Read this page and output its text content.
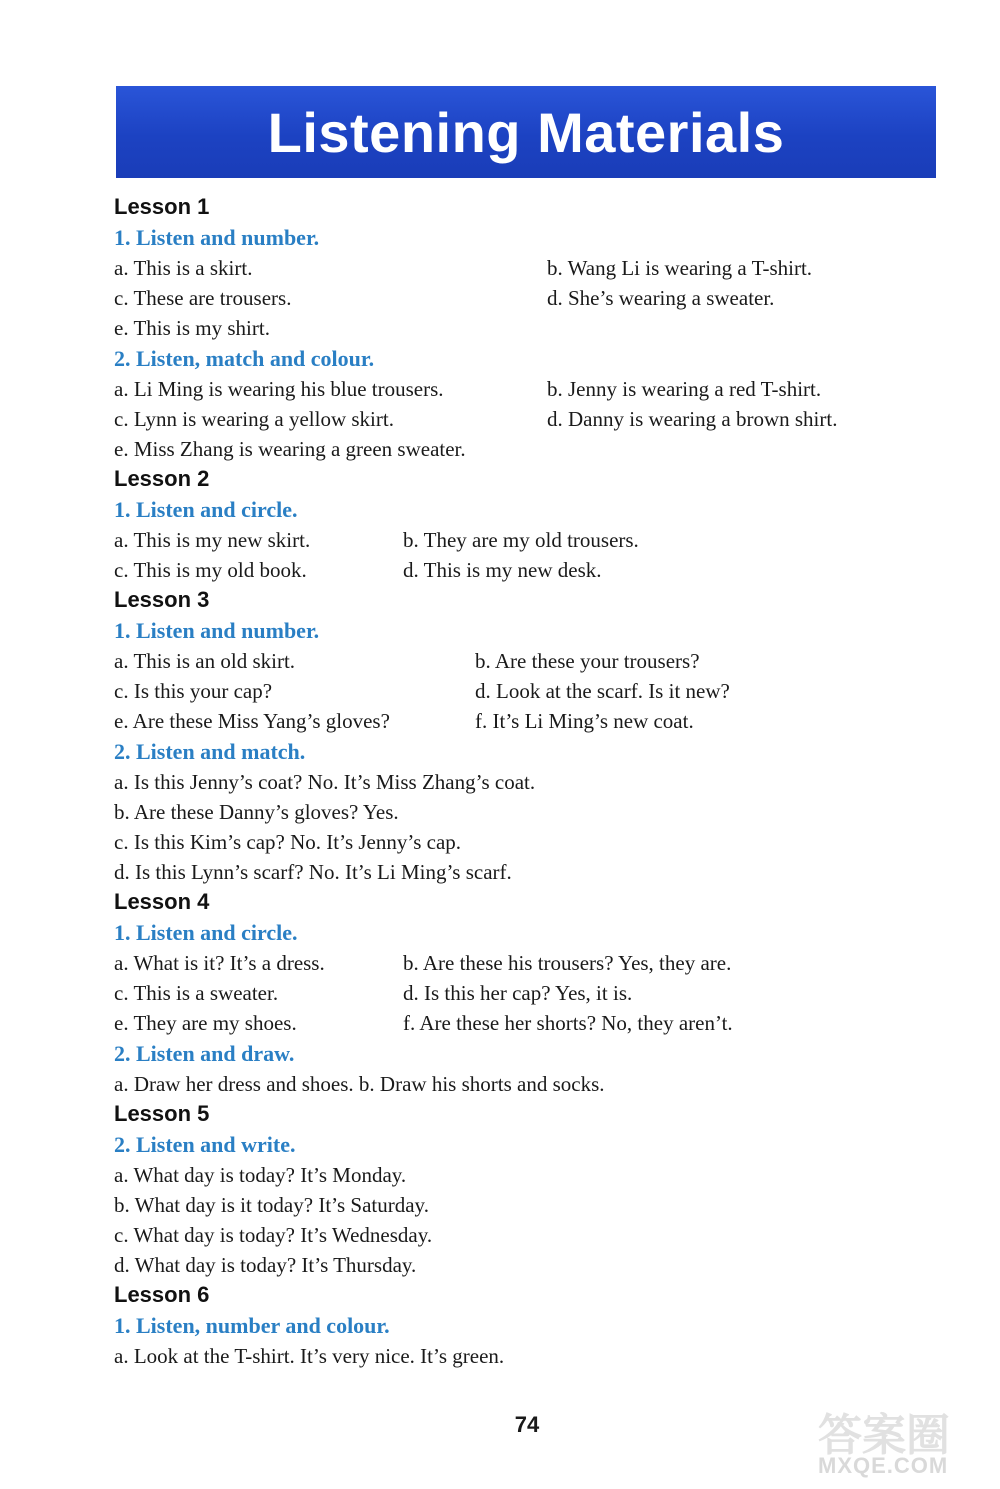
Listening Materials
Lesson 1
1. Listen and number.
a. This is a skirt.	b. Wang Li is wearing a T-shirt.
c. These are trousers.	d. She’s wearing a sweater.
e. This is my shirt.
2. Listen, match and colour.
a. Li Ming is wearing his blue trousers.	b. Jenny is wearing a red T-shirt.
c. Lynn is wearing a yellow skirt.	d. Danny is wearing a brown shirt.
e. Miss Zhang is wearing a green sweater.
Lesson 2
1. Listen and circle.
a. This is my new skirt.	b. They are my old trousers.
c. This is my old book.	d. This is my new desk.
Lesson 3
1. Listen and number.
a. This is an old skirt.	b. Are these your trousers?
c. Is this your cap?	d. Look at the scarf. Is it new?
e. Are these Miss Yang’s gloves?	f. It’s Li Ming’s new coat.
2. Listen and match.
a. Is this Jenny’s coat? No. It’s Miss Zhang’s coat.
b. Are these Danny’s gloves? Yes.
c. Is this Kim’s cap? No. It’s Jenny’s cap.
d. Is this Lynn’s scarf? No. It’s Li Ming’s scarf.
Lesson 4
1. Listen and circle.
a. What is it? It’s a dress.	b. Are these his trousers? Yes, they are.
c. This is a sweater.	d. Is this her cap? Yes, it is.
e. They are my shoes.	f. Are these her shorts? No, they aren’t.
2. Listen and draw.
a. Draw her dress and shoes. b. Draw his shorts and socks.
Lesson 5
2. Listen and write.
a. What day is today? It’s Monday.
b. What day is it today? It’s Saturday.
c. What day is today? It’s Wednesday.
d. What day is today? It’s Thursday.
Lesson 6
1. Listen, number and colour.
a. Look at the T-shirt. It’s very nice. It’s green.
74	答案圈
MXQE.COM
